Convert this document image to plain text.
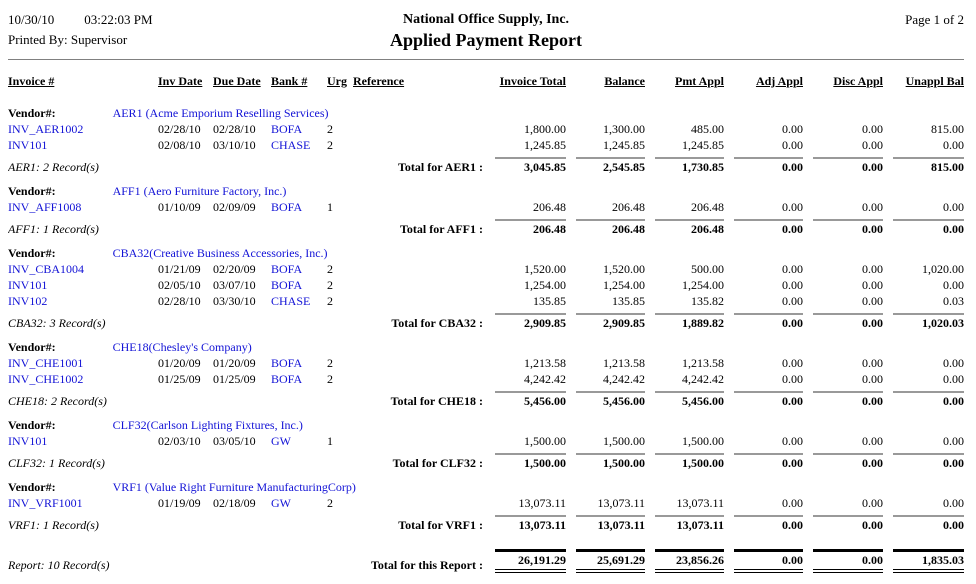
10/30/10 03:22:03 PM
Printed By: Supervisor
National Office Supply, Inc.
Applied Payment Report
Page 1 of 2
Invoice #	Inv Date	Due Date	Bank #	Urg	Reference	Invoice Total	Balance	Pmt Appl	Adj Appl	Disc Appl	Unappl Bal
Vendor#: AER1 (Acme Emporium Reselling Services)											
INV_AER1002	02/28/10	02/28/10	BOFA	2		1,800.00	1,300.00	485.00	0.00	0.00	815.00
INV101	02/08/10	03/10/10	CHASE	2		1,245.85	1,245.85	1,245.85	0.00	0.00	0.00
AER1: 2 Record(s)		Total for AER1 :				3,045.85	2,545.85	1,730.85	0.00	0.00	815.00

Vendor#: AFF1 (Aero Furniture Factory, Inc.)											
INV_AFF1008	01/10/09	02/09/09	BOFA	1		206.48	206.48	206.48	0.00	0.00	0.00
AFF1: 1 Record(s)		Total for AFF1 :				206.48	206.48	206.48	0.00	0.00	0.00

Vendor#: CBA32(Creative Business Accessories, Inc.)											
INV_CBA1004	01/21/09	02/20/09	BOFA	2		1,520.00	1,520.00	500.00	0.00	0.00	1,020.00
INV101	02/05/10	03/07/10	BOFA	2		1,254.00	1,254.00	1,254.00	0.00	0.00	0.00
INV102	02/28/10	03/30/10	CHASE	2		135.85	135.85	135.82	0.00	0.00	0.03
CBA32: 3 Record(s)		Total for CBA32 :				2,909.85	2,909.85	1,889.82	0.00	0.00	1,020.03

Vendor#: CHE18(Chesley's Company)											
INV_CHE1001	01/20/09	01/20/09	BOFA	2		1,213.58	1,213.58	1,213.58	0.00	0.00	0.00
INV_CHE1002	01/25/09	01/25/09	BOFA	2		4,242.42	4,242.42	4,242.42	0.00	0.00	0.00
CHE18: 2 Record(s)		Total for CHE18 :				5,456.00	5,456.00	5,456.00	0.00	0.00	0.00

Vendor#: CLF32(Carlson Lighting Fixtures, Inc.)											
INV101	02/03/10	03/05/10	GW	1		1,500.00	1,500.00	1,500.00	0.00	0.00	0.00
CLF32: 1 Record(s)		Total for CLF32 :				1,500.00	1,500.00	1,500.00	0.00	0.00	0.00

Vendor#: VRF1 (Value Right Furniture ManufacturingCorp)											
INV_VRF1001	01/19/09	02/18/09	GW	2		13,073.11	13,073.11	13,073.11	0.00	0.00	0.00
VRF1: 1 Record(s)		Total for VRF1 :				13,073.11	13,073.11	13,073.11	0.00	0.00	0.00

Report: 10 Record(s)		Total for this Report :				26,191.29	25,691.29	23,856.26	0.00	0.00	1,835.03
